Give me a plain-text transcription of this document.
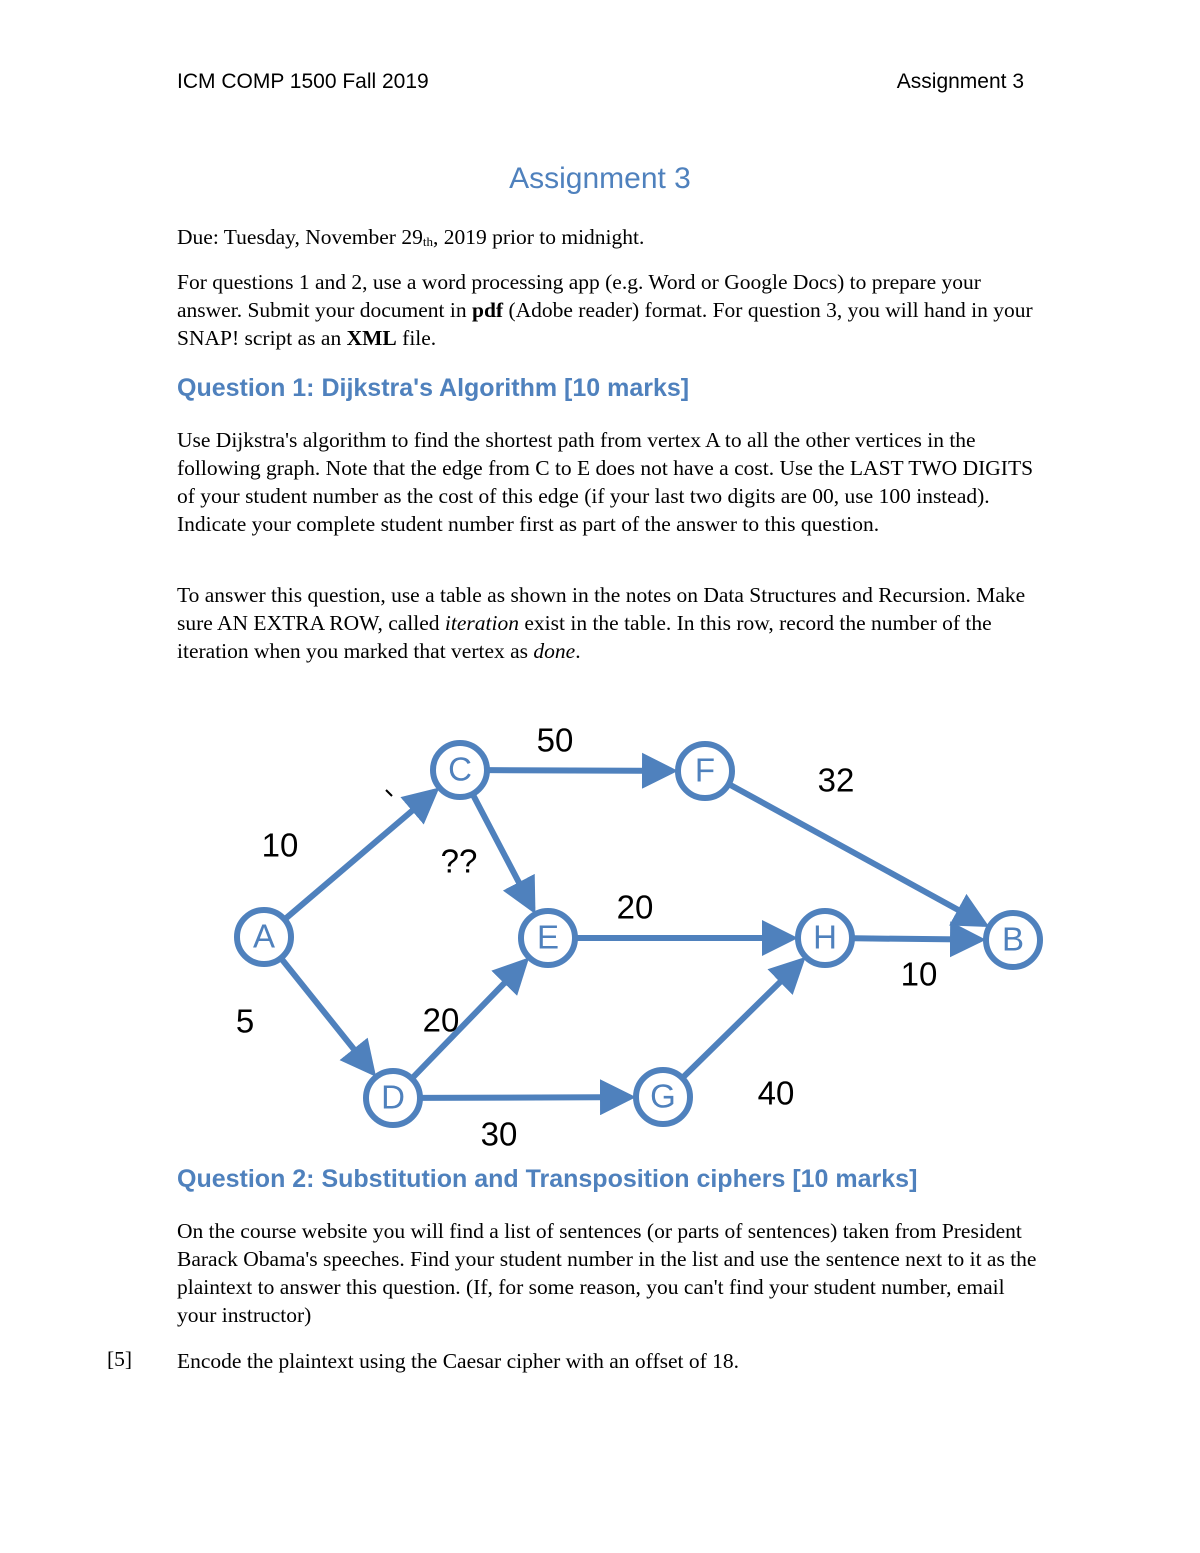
ICM COMP 1500 Fall 2019	Assignment 3
Assignment 3

Due: Tuesday, November 29th, 2019 prior to midnight.

For questions 1 and 2, use a word processing app (e.g. Word or Google Docs) to prepare your answer. Submit your document in pdf (Adobe reader) format. For question 3, you will hand in your SNAP! script as an XML file.

Question 1: Dijkstra's Algorithm [10 marks]

Use Dijkstra's algorithm to find the shortest path from vertex A to all the other vertices in the following graph. Note that the edge from C to E does not have a cost. Use the LAST TWO DIGITS of your student number as the cost of this edge (if your last two digits are 00, use 100 instead). Indicate your complete student number first as part of the answer to this question.

To answer this question, use a table as shown in the notes on Data Structures and Recursion. Make sure AN EXTRA ROW, called iteration exist in the table. In this row, record the number of the iteration when you marked that vertex as done.

A
C	F
E	H	B
D	G
10
5
50
??
32
20
10
20
30
40
Question 2: Substitution and Transposition ciphers [10 marks]

On the course website you will find a list of sentences (or parts of sentences) taken from President Barack Obama's speeches. Find your student number in the list and use the sentence next to it as the plaintext to answer this question. (If, for some reason, you can't find your student number, email your instructor)

[5] Encode the plaintext using the Caesar cipher with an offset of 18.
